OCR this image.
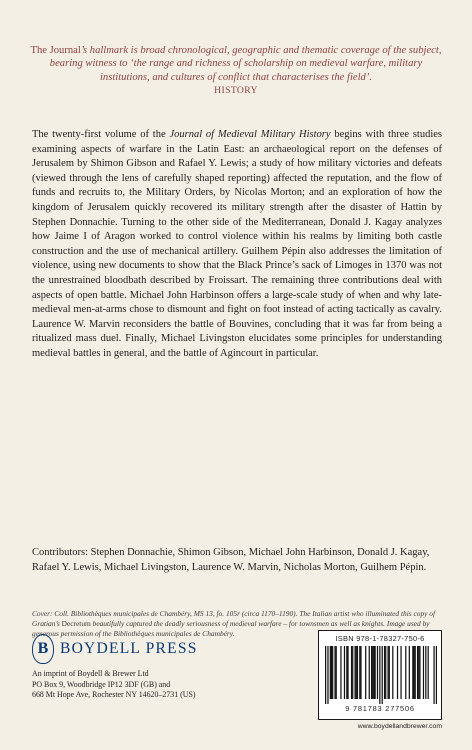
The Journal’s hallmark is broad chronological, geographic and thematic coverage of the subject, bearing witness to ‘the range and richness of scholarship on medieval warfare, military institutions, and cultures of conflict that characterises the field’.
HISTORY
The twenty-first volume of the Journal of Medieval Military History begins with three studies examining aspects of warfare in the Latin East: an archaeological report on the defenses of Jerusalem by Shimon Gibson and Rafael Y. Lewis; a study of how military victories and defeats (viewed through the lens of carefully shaped reporting) affected the reputation, and the flow of funds and recruits to, the Military Orders, by Nicolas Morton; and an exploration of how the kingdom of Jerusalem quickly recovered its military strength after the disaster of Hattin by Stephen Donnachie. Turning to the other side of the Mediterranean, Donald J. Kagay analyzes how Jaime I of Aragon worked to control violence within his realms by limiting both castle construction and the use of mechanical artillery. Guilhem Pépin also addresses the limitation of violence, using new documents to show that the Black Prince’s sack of Limoges in 1370 was not the unrestrained bloodbath described by Froissart. The remaining three contributions deal with aspects of open battle. Michael John Harbinson offers a large-scale study of when and why late-medieval men-at-arms chose to dismount and fight on foot instead of acting tactically as cavalry. Laurence W. Marvin reconsiders the battle of Bouvines, concluding that it was far from being a ritualized mass duel. Finally, Michael Livingston elucidates some principles for understanding medieval battles in general, and the battle of Agincourt in particular.
Contributors: Stephen Donnachie, Shimon Gibson, Michael John Harbinson, Donald J. Kagay, Rafael Y. Lewis, Michael Livingston, Laurence W. Marvin, Nicholas Morton, Guilhem Pépin.
Cover: Coll. Bibliothèques municipales de Chambéry, MS 13, fo. 105r (circa 1170–1190). The Italian artist who illuminated this copy of Gratian’s Decretum beautifully captured the deadly seriousness of medieval warfare – for townsmen as well as knights. Image used by generous permission of the Bibliothèques municipales de Chambéry.
B BOYDELL PRESS
An imprint of Boydell & Brewer Ltd
PO Box 9, Woodbridge IP12 3DF (GB) and
668 Mt Hope Ave, Rochester NY 14620–2731 (US)
ISBN 978-1-78327-750-6
9 781783 277506
www.boydellandbrewer.com
